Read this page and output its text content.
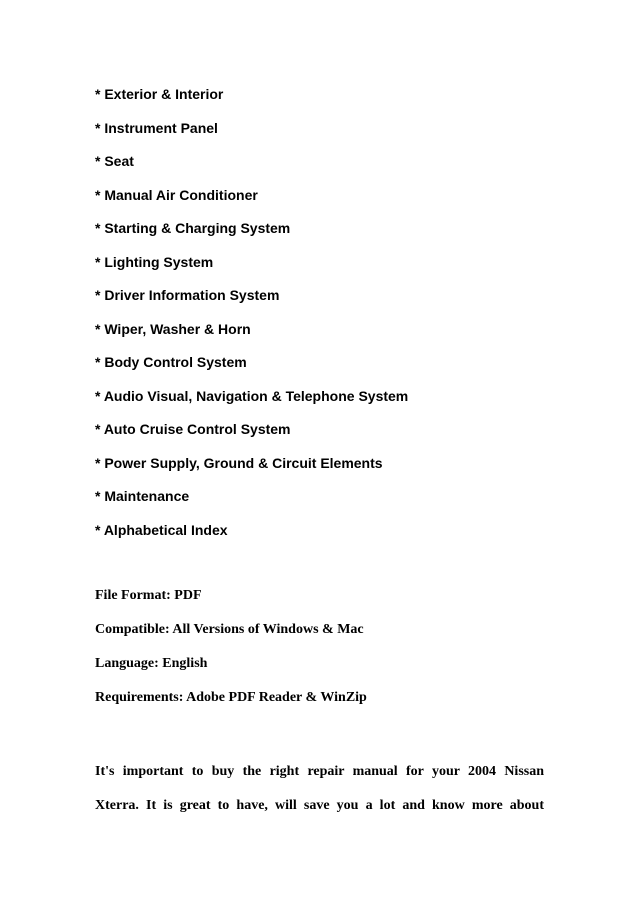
* Exterior & Interior
* Instrument Panel
* Seat
* Manual Air Conditioner
* Starting & Charging System
* Lighting System
* Driver Information System
* Wiper, Washer & Horn
* Body Control System
* Audio Visual, Navigation & Telephone System
* Auto Cruise Control System
* Power Supply, Ground & Circuit Elements
* Maintenance
* Alphabetical Index
File Format: PDF
Compatible: All Versions of Windows & Mac
Language: English
Requirements: Adobe PDF Reader & WinZip
It's important to buy the right repair manual for your 2004 Nissan
Xterra. It is great to have, will save you a lot and know more about
